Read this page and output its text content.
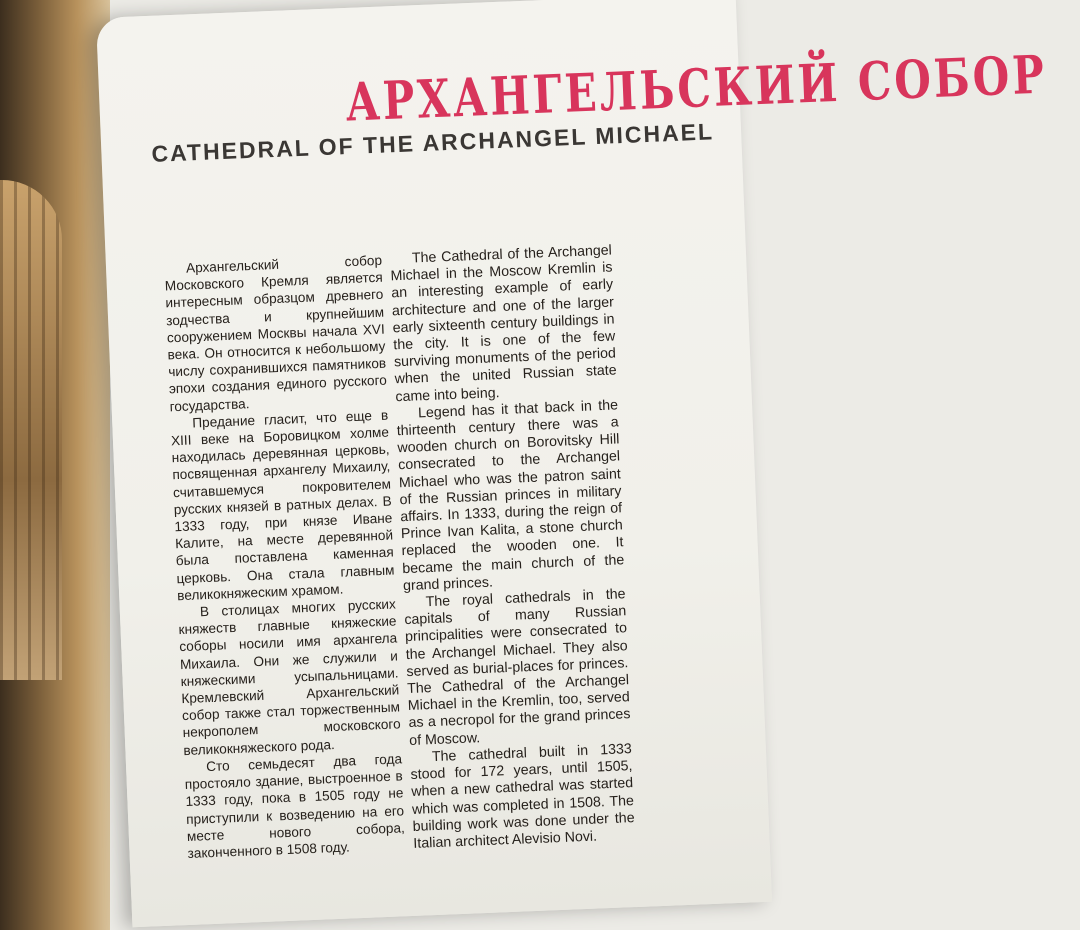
АРХАНГЕЛЬСКИЙ СОБОР
CATHEDRAL OF THE ARCHANGEL MICHAEL

Архангельский собор Московского Кремля является интересным образцом древнего зодчества и крупнейшим сооружением Москвы начала XVI века. Он относится к небольшому числу сохранившихся памятников эпохи создания единого русского государства.

Предание гласит, что еще в XIII веке на Боровицком холме находилась деревянная церковь, посвященная архангелу Михаилу, считавшемуся покровителем русских князей в ратных делах. В 1333 году, при князе Иване Калите, на месте деревянной была поставлена каменная церковь. Она стала главным великокняжеским храмом.

В столицах многих русских княжеств главные княжеские соборы носили имя архангела Михаила. Они же служили и княжескими усыпальницами. Кремлевский Архангельский собор также стал торжественным некрополем московского великокняжеского рода.

Сто семьдесят два года простояло здание, выстроенное в 1333 году, пока в 1505 году не приступили к возведению на его месте нового собора, законченного в 1508 году.

The Cathedral of the Archangel Michael in the Moscow Kremlin is an interesting example of early architecture and one of the larger early sixteenth century buildings in the city. It is one of the few surviving monuments of the period when the united Russian state came into being.

Legend has it that back in the thirteenth century there was a wooden church on Borovitsky Hill consecrated to the Archangel Michael who was the patron saint of the Russian princes in military affairs. In 1333, during the reign of Prince Ivan Kalita, a stone church replaced the wooden one. It became the main church of the grand princes.

The royal cathedrals in the capitals of many Russian principalities were consecrated to the Archangel Michael. They also served as burial-places for princes. The Cathedral of the Archangel Michael in the Kremlin, too, served as a necropol for the grand princes of Moscow.

The cathedral built in 1333 stood for 172 years, until 1505, when a new cathedral was started which was completed in 1508. The building work was done under the Italian architect Alevisio Novi.
